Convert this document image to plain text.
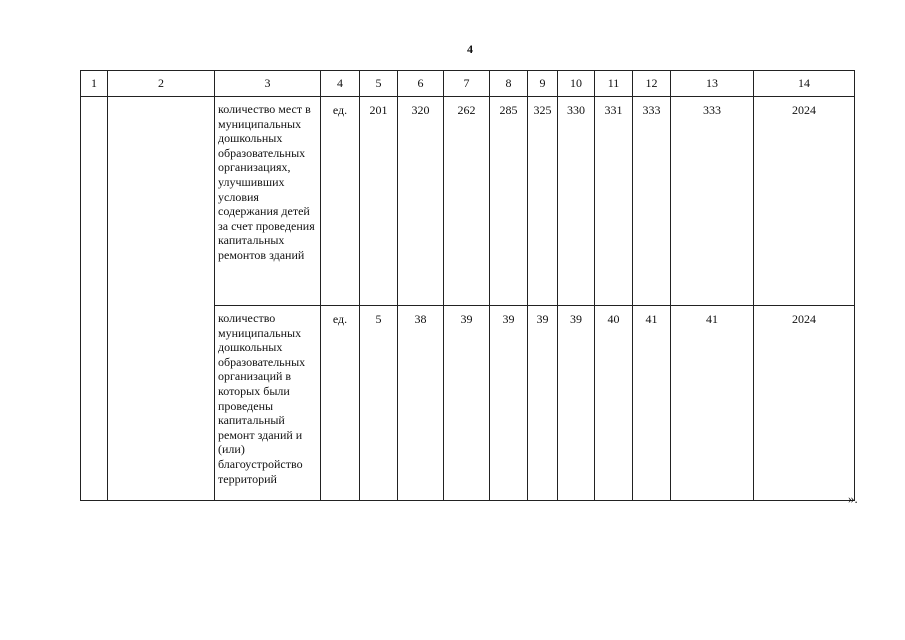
4
1	2	3	4	5	6	7	8	9	10	11	12	13	14
		количество мест в муниципальных дошкольных образовательных организациях, улучшивших условия содержания детей за счет проведения капитальных ремонтов зданий	ед.	201	320	262	285	325	330	331	333	333	2024
		количество муниципальных дошкольных образовательных организаций в которых были проведены капитальный ремонт зданий и (или) благоустройство территорий	ед.	5	38	39	39	39	39	40	41	41	2024
».
